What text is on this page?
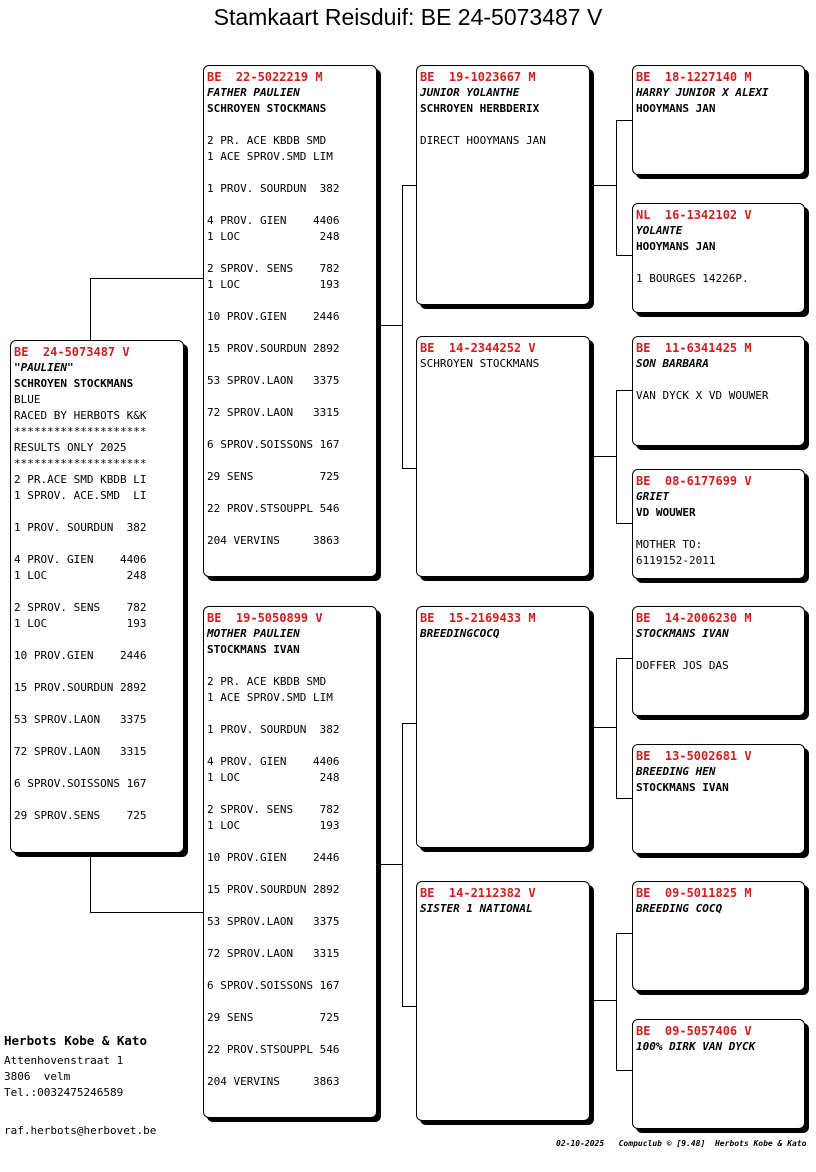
Stamkaart Reisduif: BE 24-5073487 V
BE  24-5073487 V
"PAULIEN"
SCHROYEN STOCKMANS
BLUE
RACED BY HERBOTS K&K
********************
RESULTS ONLY 2025
********************
2 PR.ACE SMD KBDB LI
1 SPROV. ACE.SMD  LI
1 PROV. SOURDUN  382
4 PROV. GIEN    4406
1 LOC            248
2 SPROV. SENS    782
1 LOC            193
10 PROV.GIEN    2446
15 PROV.SOURDUN 2892
53 SPROV.LAON   3375
72 SPROV.LAON   3315
6 SPROV.SOISSONS 167
29 SPROV.SENS    725
BE  22-5022219 M
FATHER PAULIEN
SCHROYEN STOCKMANS
2 PR. ACE KBDB SMD
1 ACE SPROV.SMD LIM
1 PROV. SOURDUN  382
4 PROV. GIEN    4406
1 LOC            248
2 SPROV. SENS    782
1 LOC            193
10 PROV.GIEN    2446
15 PROV.SOURDUN 2892
53 SPROV.LAON   3375
72 SPROV.LAON   3315
6 SPROV.SOISSONS 167
29 SENS          725
22 PROV.STSOUPPL 546
204 VERVINS     3863
BE  19-5050899 V
MOTHER PAULIEN
STOCKMANS IVAN
2 PR. ACE KBDB SMD
1 ACE SPROV.SMD LIM
1 PROV. SOURDUN  382
4 PROV. GIEN    4406
1 LOC            248
2 SPROV. SENS    782
1 LOC            193
10 PROV.GIEN    2446
15 PROV.SOURDUN 2892
53 SPROV.LAON   3375
72 SPROV.LAON   3315
6 SPROV.SOISSONS 167
29 SENS          725
22 PROV.STSOUPPL 546
204 VERVINS     3863
BE  19-1023667 M
JUNIOR YOLANTHE
SCHROYEN HERBDERIX
DIRECT HOOYMANS JAN
BE  14-2344252 V
SCHROYEN STOCKMANS
BE  15-2169433 M
BREEDINGCOCQ
BE  14-2112382 V
SISTER 1 NATIONAL
BE  18-1227140 M
HARRY JUNIOR X ALEXI
HOOYMANS JAN
NL  16-1342102 V
YOLANTE
HOOYMANS JAN
1 BOURGES 14226P.
BE  11-6341425 M
SON BARBARA
VAN DYCK X VD WOUWER
BE  08-6177699 V
GRIET
VD WOUWER
MOTHER TO:
6119152-2011
BE  14-2006230 M
STOCKMANS IVAN
DOFFER JOS DAS
BE  13-5002681 V
BREEDING HEN
STOCKMANS IVAN
BE  09-5011825 M
BREEDING COCQ
BE  09-5057406 V
100% DIRK VAN DYCK
Herbots Kobe & Kato
Attenhovenstraat 1
3806  velm
Tel.:0032475246589
raf.herbots@herbovet.be
02-10-2025   Compuclub © [9.48]  Herbots Kobe & Kato
